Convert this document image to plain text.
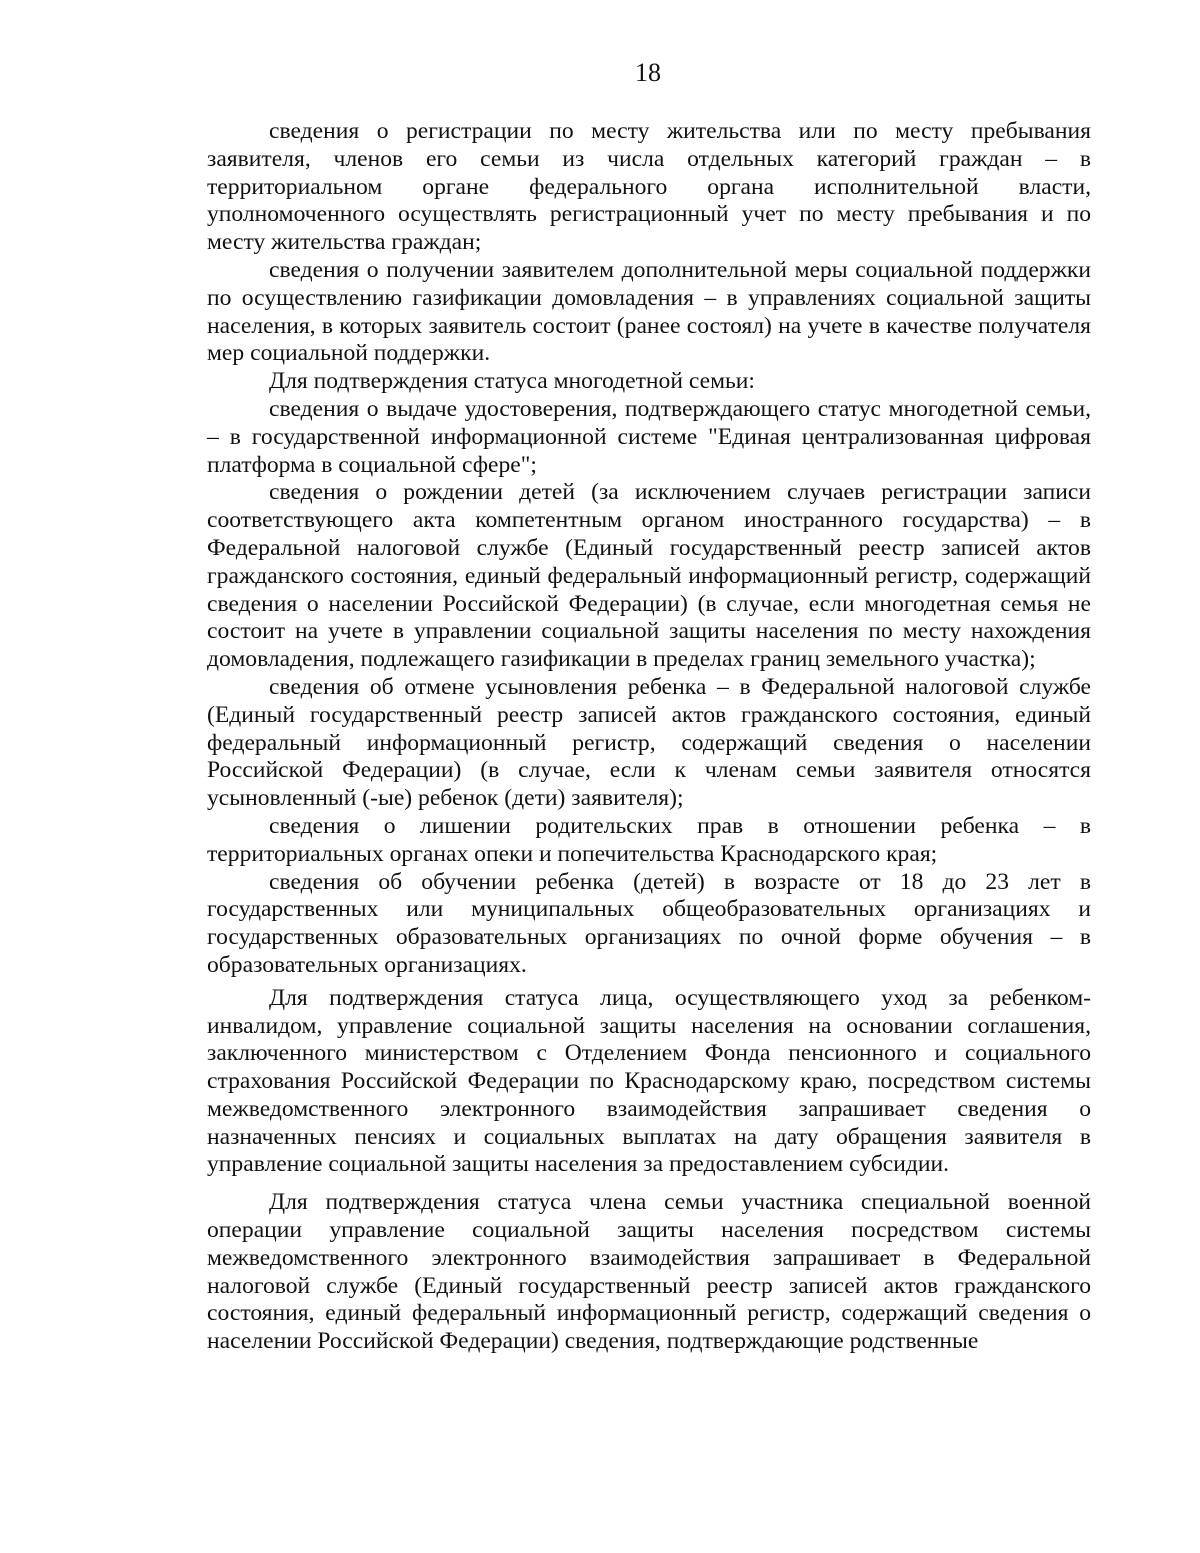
18

сведения о регистрации по месту жительства или по месту пребывания заявителя, членов его семьи из числа отдельных категорий граждан – в территориальном органе федерального органа исполнительной власти, уполномоченного осуществлять регистрационный учет по месту пребывания и по месту жительства граждан;

сведения о получении заявителем дополнительной меры социальной поддержки по осуществлению газификации домовладения – в управлениях социальной защиты населения, в которых заявитель состоит (ранее состоял) на учете в качестве получателя мер социальной поддержки.

Для подтверждения статуса многодетной семьи:

сведения о выдаче удостоверения, подтверждающего статус многодетной семьи, – в государственной информационной системе "Единая централизованная цифровая платформа в социальной сфере";

сведения о рождении детей (за исключением случаев регистрации записи соответствующего акта компетентным органом иностранного государства) – в Федеральной налоговой службе (Единый государственный реестр записей актов гражданского состояния, единый федеральный информационный регистр, содержащий сведения о населении Российской Федерации) (в случае, если многодетная семья не состоит на учете в управлении социальной защиты населения по месту нахождения домовладения, подлежащего газификации в пределах границ земельного участка);

сведения об отмене усыновления ребенка – в Федеральной налоговой службе (Единый государственный реестр записей актов гражданского состояния, единый федеральный информационный регистр, содержащий сведения о населении Российской Федерации) (в случае, если к членам семьи заявителя относятся усыновленный (-ые) ребенок (дети) заявителя);

сведения о лишении родительских прав в отношении ребенка – в территориальных органах опеки и попечительства Краснодарского края;

сведения об обучении ребенка (детей) в возрасте от 18 до 23 лет в государственных или муниципальных общеобразовательных организациях и государственных образовательных организациях по очной форме обучения – в образовательных организациях.

Для подтверждения статуса лица, осуществляющего уход за ребенком-инвалидом, управление социальной защиты населения на основании соглашения, заключенного министерством с Отделением Фонда пенсионного и социального страхования Российской Федерации по Краснодарскому краю, посредством системы межведомственного электронного взаимодействия запрашивает сведения о назначенных пенсиях и социальных выплатах на дату обращения заявителя в управление социальной защиты населения за предоставлением субсидии.

Для подтверждения статуса члена семьи участника специальной военной операции управление социальной защиты населения посредством системы межведомственного электронного взаимодействия запрашивает в Федеральной налоговой службе (Единый государственный реестр записей актов гражданского состояния, единый федеральный информационный регистр, содержащий сведения о населении Российской Федерации) сведения, подтверждающие родственные
